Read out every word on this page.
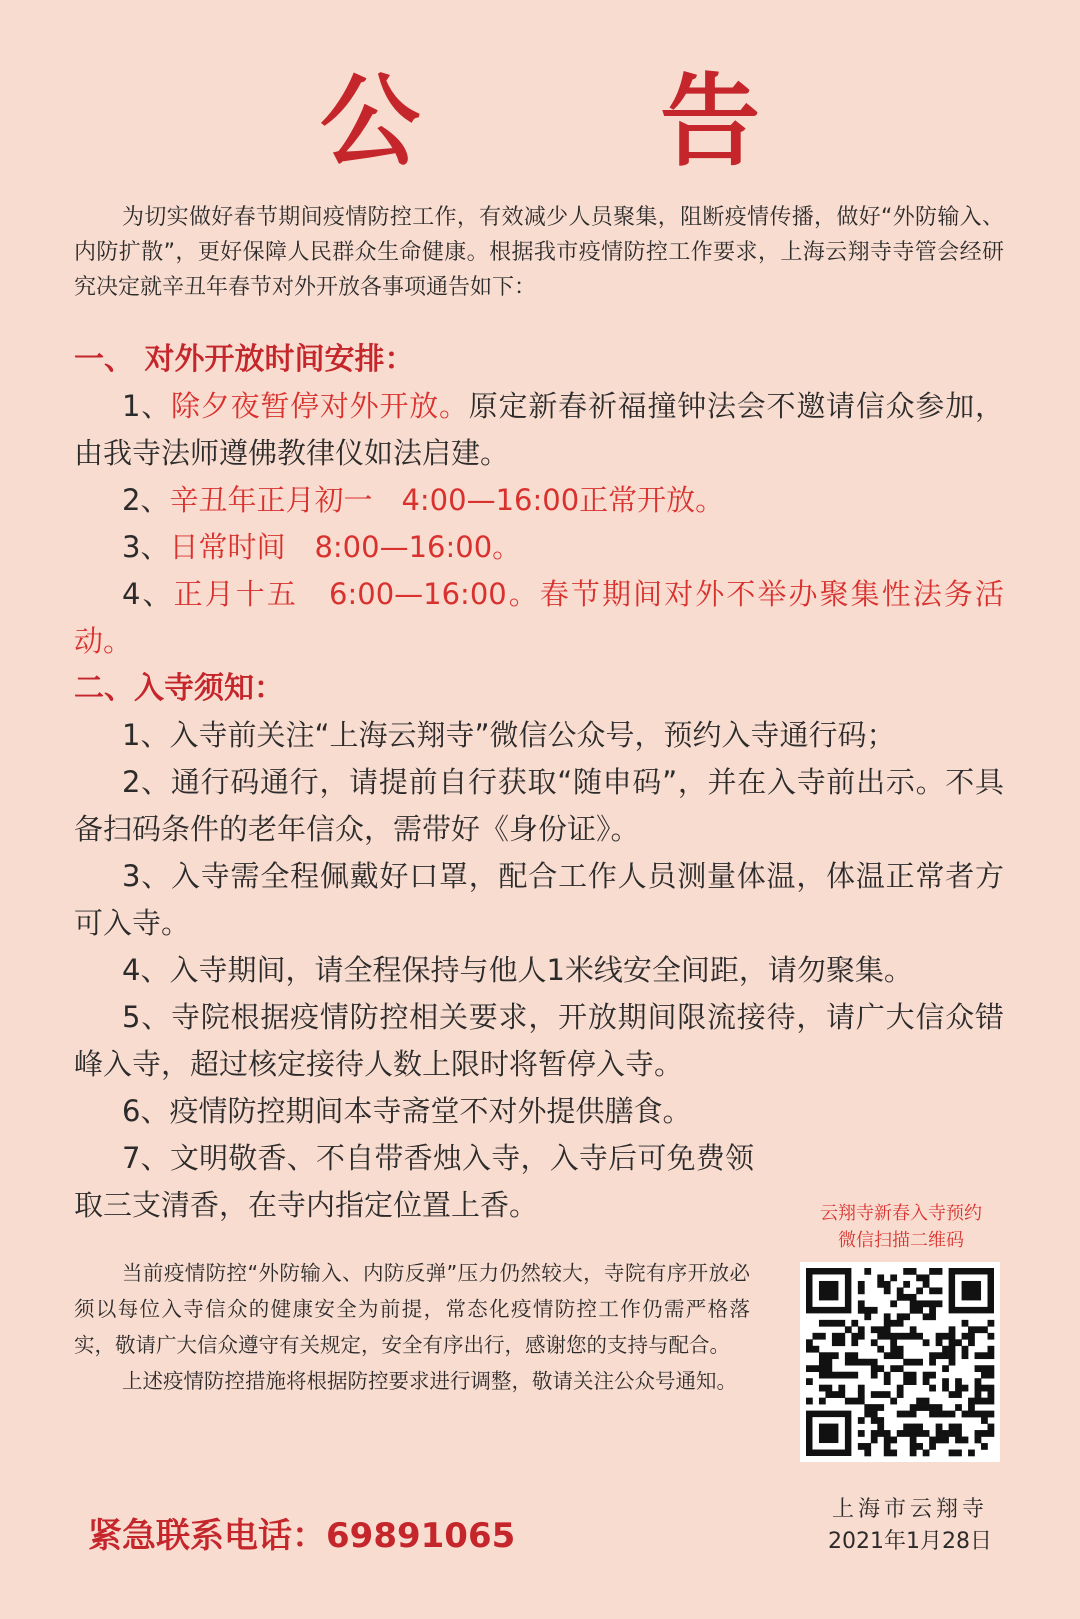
公　告
为切实做好春节期间疫情防控工作，有效减少人员聚集，阻断疫情传播，做好“外防输入、内防扩散”，更好保障人民群众生命健康。根据我市疫情防控工作要求，上海云翔寺寺管会经研究决定就辛丑年春节对外开放各事项通告如下：
一、 对外开放时间安排：

1、除夕夜暂停对外开放。原定新春祈福撞钟法会不邀请信众参加，由我寺法师遵佛教律仪如法启建。

2、辛丑年正月初一　4:00—16:00正常开放。

3、日常时间　8:00—16:00。

4、正月十五　6:00—16:00。春节期间对外不举办聚集性法务活动。

二、入寺须知：

1、入寺前关注“上海云翔寺”微信公众号，预约入寺通行码；

2、通行码通行，请提前自行获取“随申码”，并在入寺前出示。不具备扫码条件的老年信众，需带好《身份证》。

3、入寺需全程佩戴好口罩，配合工作人员测量体温，体温正常者方可入寺。

4、入寺期间，请全程保持与他人1米线安全间距，请勿聚集。

5、寺院根据疫情防控相关要求，开放期间限流接待，请广大信众错峰入寺，超过核定接待人数上限时将暂停入寺。

6、疫情防控期间本寺斋堂不对外提供膳食。

7、文明敬香、不自带香烛入寺，入寺后可免费领取三支清香，在寺内指定位置上香。

当前疫情防控“外防输入、内防反弹”压力仍然较大，寺院有序开放必须以每位入寺信众的健康安全为前提，常态化疫情防控工作仍需严格落实，敬请广大信众遵守有关规定，安全有序出行，感谢您的支持与配合。

上述疫情防控措施将根据防控要求进行调整，敬请关注公众号通知。

云翔寺新春入寺预约
微信扫描二维码
紧急联系电话：69891065
上海市云翔寺
2021年1月28日
